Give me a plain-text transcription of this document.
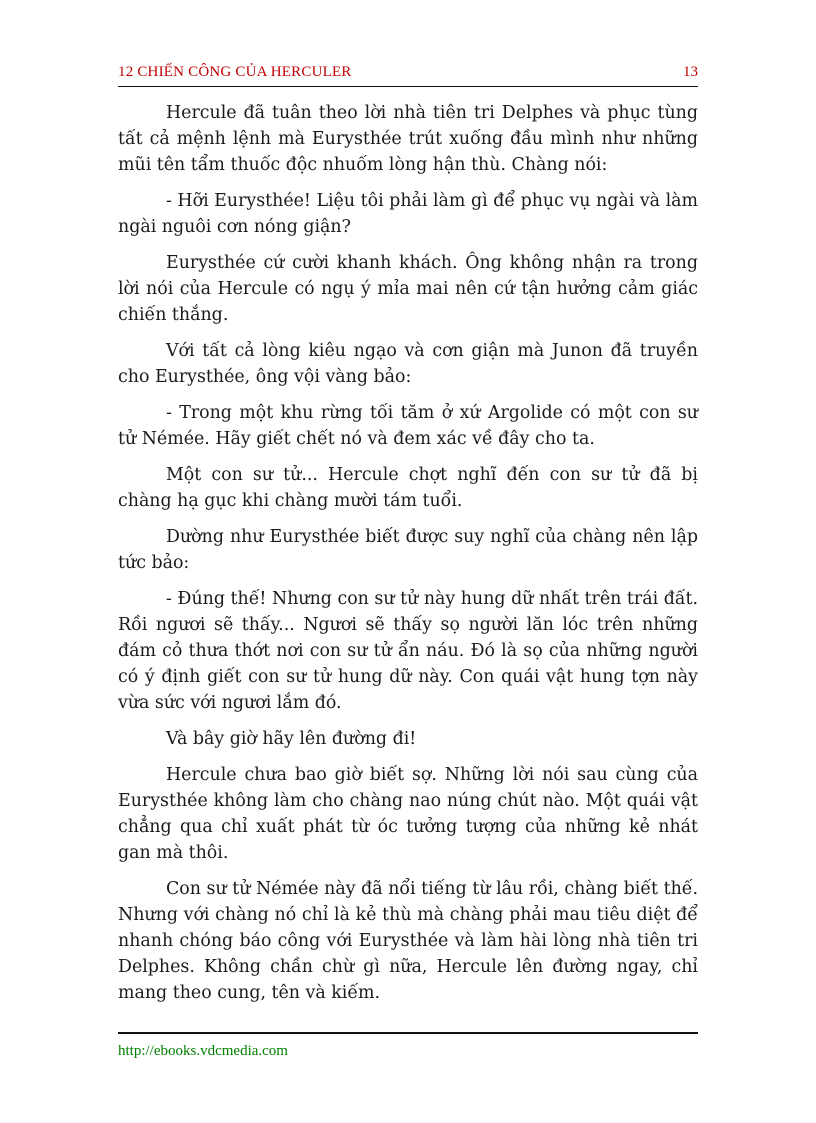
12 CHIẾN CÔNG CỦA HERCULER	13

Hercule đã tuân theo lời nhà tiên tri Delphes và phục tùng tất cả mệnh lệnh mà Eurysthée trút xuống đầu mình như những mũi tên tẩm thuốc độc nhuốm lòng hận thù. Chàng nói:

- Hỡi Eurysthée! Liệu tôi phải làm gì để phục vụ ngài và làm ngài nguôi cơn nóng giận?

Eurysthée cứ cười khanh khách. Ông không nhận ra trong lời nói của Hercule có ngụ ý mỉa mai nên cứ tận hưởng cảm giác chiến thắng.

Với tất cả lòng kiêu ngạo và cơn giận mà Junon đã truyền cho Eurysthée, ông vội vàng bảo:

- Trong một khu rừng tối tăm ở xứ Argolide có một con sư tử Némée. Hãy giết chết nó và đem xác về đây cho ta.

Một con sư tử... Hercule chợt nghĩ đến con sư tử đã bị chàng hạ gục khi chàng mười tám tuổi.

Dường như Eurysthée biết được suy nghĩ của chàng nên lập tức bảo:

- Đúng thế! Nhưng con sư tử này hung dữ nhất trên trái đất. Rồi ngươi sẽ thấy... Ngươi sẽ thấy sọ người lăn lóc trên những đám cỏ thưa thớt nơi con sư tử ẩn náu. Đó là sọ của những người có ý định giết con sư tử hung dữ này. Con quái vật hung tợn này vừa sức với ngươi lắm đó.

Và bây giờ hãy lên đường đi!

Hercule chưa bao giờ biết sợ. Những lời nói sau cùng của Eurysthée không làm cho chàng nao núng chút nào. Một quái vật chẳng qua chỉ xuất phát từ óc tưởng tượng của những kẻ nhát gan mà thôi.

Con sư tử Némée này đã nổi tiếng từ lâu rồi, chàng biết thế. Nhưng với chàng nó chỉ là kẻ thù mà chàng phải mau tiêu diệt để nhanh chóng báo công với Eurysthée và làm hài lòng nhà tiên tri Delphes. Không chần chừ gì nữa, Hercule lên đường ngay, chỉ mang theo cung, tên và kiếm.

http://ebooks.vdcmedia.com
